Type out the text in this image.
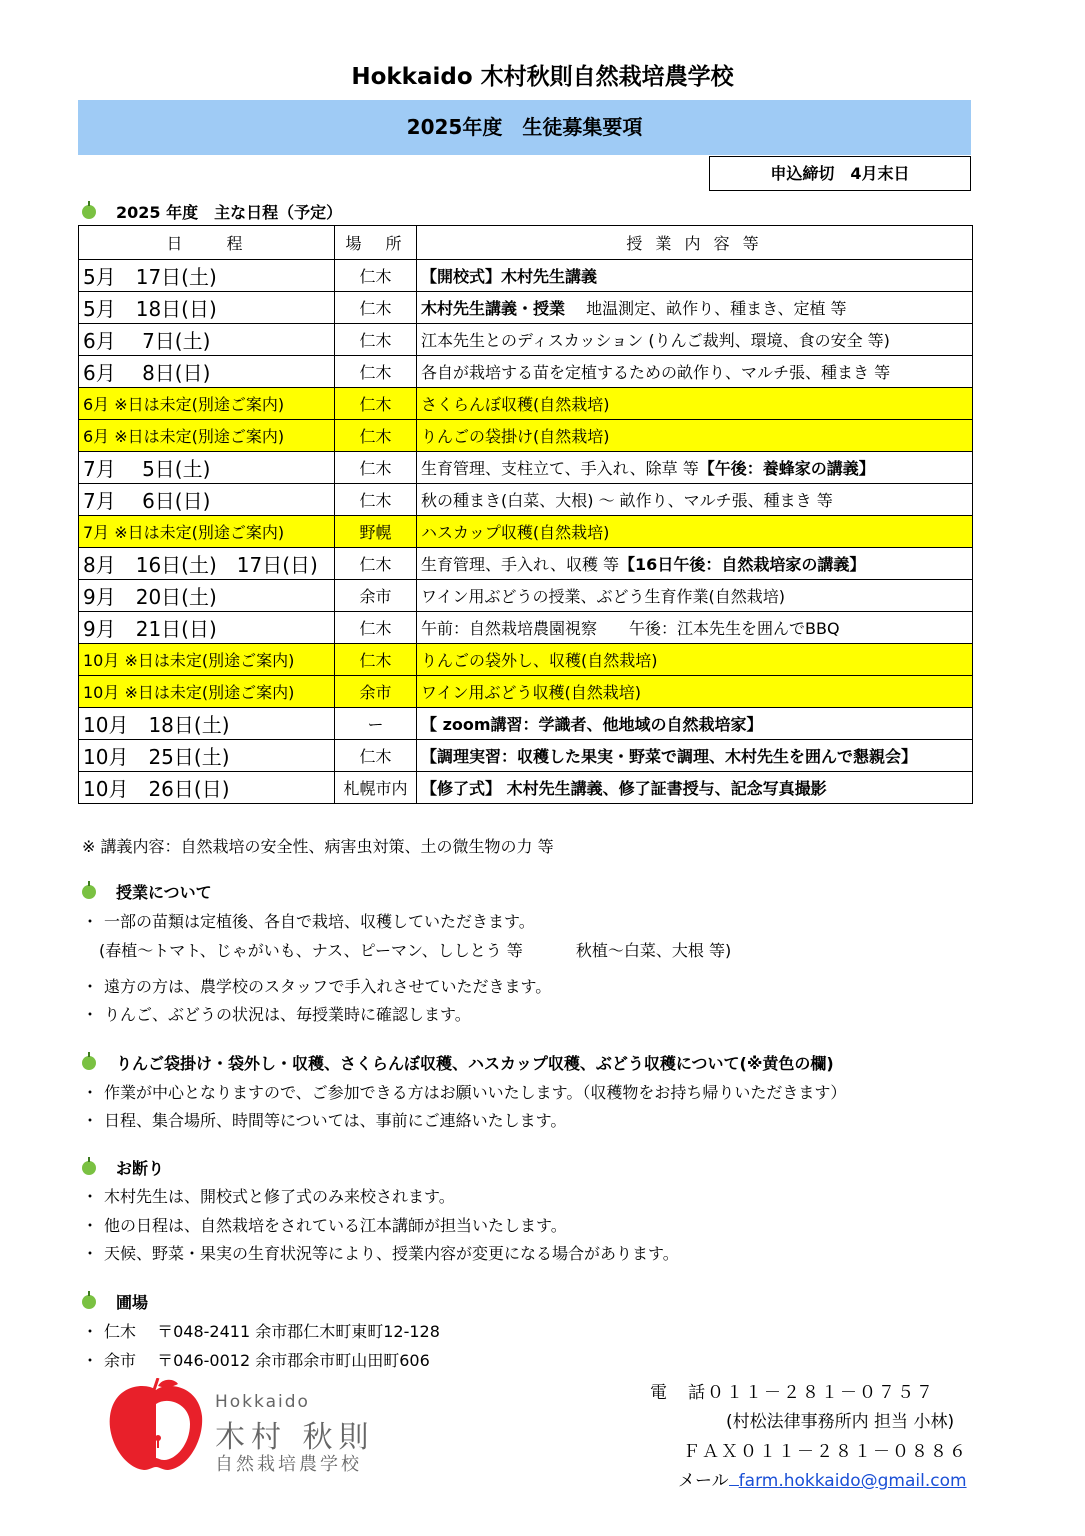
Hokkaido 木村秋則自然栽培農学校
2025年度　生徒募集要項
申込締切　4月末日
2025 年度　主な日程（予定）
日　　程	場　所	授 業 内 容 等
5月　17日(土)	仁木	【開校式】木村先生講義
5月　18日(日)	仁木	木村先生講義・授業　 地温測定、畝作り、種まき、定植 等
6月　 7日(土)	仁木	江本先生とのディスカッション (りんご裁判、環境、食の安全 等)
6月　 8日(日)	仁木	各自が栽培する苗を定植するための畝作り、マルチ張、種まき 等
6月 ※日は未定(別途ご案内)	仁木	さくらんぼ収穫(自然栽培)
6月 ※日は未定(別途ご案内)	仁木	りんごの袋掛け(自然栽培)
7月　 5日(土)	仁木	生育管理、支柱立て、手入れ、除草 等【午後：養蜂家の講義】
7月　 6日(日)	仁木	秋の種まき(白菜、大根) 〜 畝作り、マルチ張、種まき 等
7月 ※日は未定(別途ご案内)	野幌	ハスカップ収穫(自然栽培)
8月　16日(土)　17日(日)	仁木	生育管理、手入れ、収穫 等【16日午後：自然栽培家の講義】
9月　20日(土)	余市	ワイン用ぶどうの授業、ぶどう生育作業(自然栽培)
9月　21日(日)	仁木	午前：自然栽培農園視察　　午後：江本先生を囲んでBBQ
10月 ※日は未定(別途ご案内)	仁木	りんごの袋外し、収穫(自然栽培)
10月 ※日は未定(別途ご案内)	余市	ワイン用ぶどう収穫(自然栽培)
10月　18日(土)	ー	【 zoom講習：学識者、他地域の自然栽培家】
10月　25日(土)	仁木	【調理実習：収穫した果実・野菜で調理、木村先生を囲んで懇親会】
10月　26日(日)	札幌市内	【修了式】 木村先生講義、修了証書授与、記念写真撮影
※ 講義内容：自然栽培の安全性、病害虫対策、土の微生物の力 等
授業について
・ 一部の苗類は定植後、各自で栽培、収穫していただきます。
(春植〜トマト、じゃがいも、ナス、ピーマン、ししとう 等　　　 秋植〜白菜、大根 等)
・ 遠方の方は、農学校のスタッフで手入れさせていただきます。
・ りんご、ぶどうの状況は、毎授業時に確認します。
りんご袋掛け・袋外し・収穫、さくらんぼ収穫、ハスカップ収穫、ぶどう収穫について(※黄色の欄)
・ 作業が中心となりますので、ご参加できる方はお願いいたします。（収穫物をお持ち帰りいただきます）
・ 日程、集合場所、時間等については、事前にご連絡いたします。
お断り
・ 木村先生は、開校式と修了式のみ来校されます。
・ 他の日程は、自然栽培をされている江本講師が担当いたします。
・ 天候、野菜・果実の生育状況等により、授業内容が変更になる場合があります。
圃場
・ 仁木　 〒048-2411 余市郡仁木町東町12-128
・ 余市　 〒046-0012 余市郡余市町山田町606
Hokkaido
木村 秋則
自然栽培農学校
電　話０１１－２８１－０７５７
(村松法律事務所内 担当 小林)
ＦＡＸ０１１－２８１－０８８６
メール farm.hokkaido@gmail.com
